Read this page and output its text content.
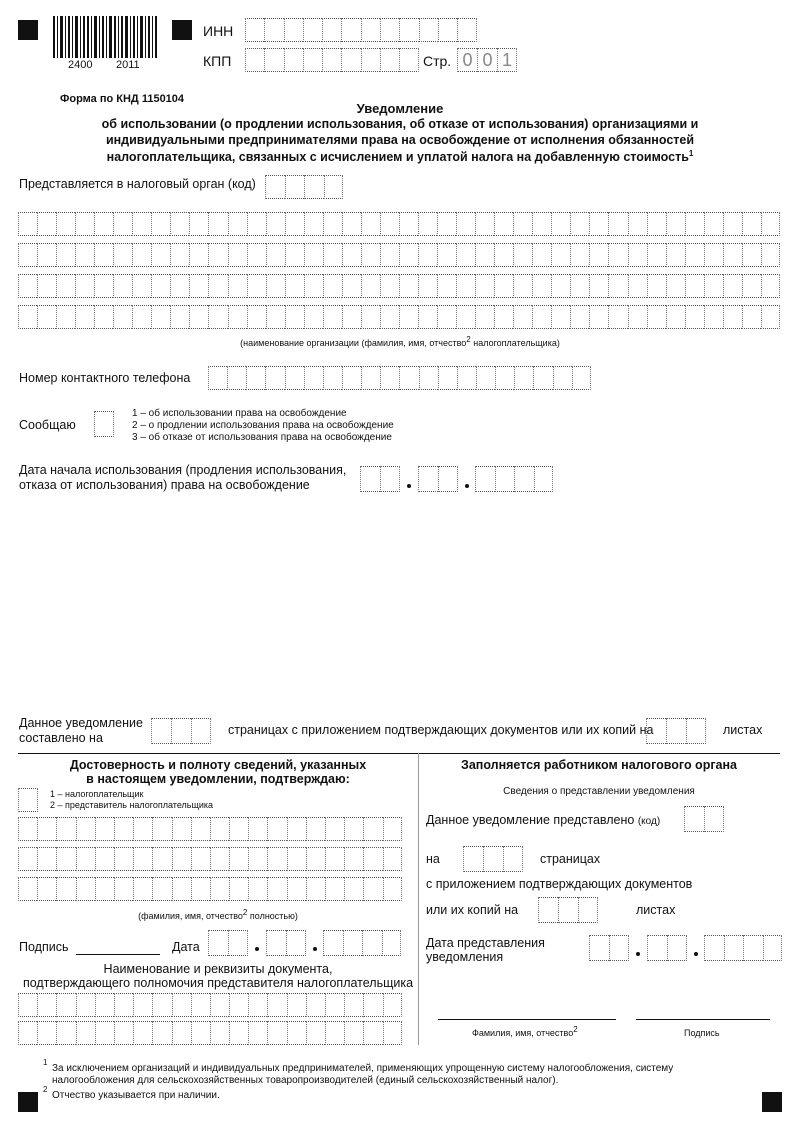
2400 2011
ИНН
КПП	Стр. 0 0 1
Форма по КНД 1150104
Уведомление
об использовании (о продлении использования, об отказе от использования) организациями и
индивидуальными предпринимателями права на освобождение от исполнения обязанностей
налогоплательщика, связанных с исчислением и уплатой налога на добавленную стоимость$^1$
Представляется в налоговый орган (код)
(наименование организации (фамилия, имя, отчество$^2$ налогоплательщика)
Номер контактного телефона
Сообщаю
1 – об использовании права на освобождение
2 – о продлении использования права на освобождение
3 – об отказе от использования права на освобождение
Дата начала использования (продления использования,
отказа от использования) права на освобождение
Данное уведомление
составлено на
страницах с приложением подтверждающих документов или их копий на	листах
Достоверность и полноту сведений, указанных
в настоящем уведомлении, подтверждаю:
1 – налогоплательщик
2 – представитель налогоплательщика
(фамилия, имя, отчество$^2$ полностью)
Подпись	Дата
Наименование и реквизиты документа,
подтверждающего полномочия представителя налогоплательщика
Заполняется работником налогового органа
Сведения о представлении уведомления
Данное уведомление представлено (код)
на	страницах
с приложением подтверждающих документов
или их копий на	листах
Дата представления
уведомления
Фамилия, имя, отчество$^2$	Подпись
1
За исключением организаций и индивидуальных предпринимателей, применяющих упрощенную систему налогообложения, систему
налогообложения для сельскохозяйственных товаропроизводителей (единый сельскохозяйственный налог).
2
Отчество указывается при наличии.
